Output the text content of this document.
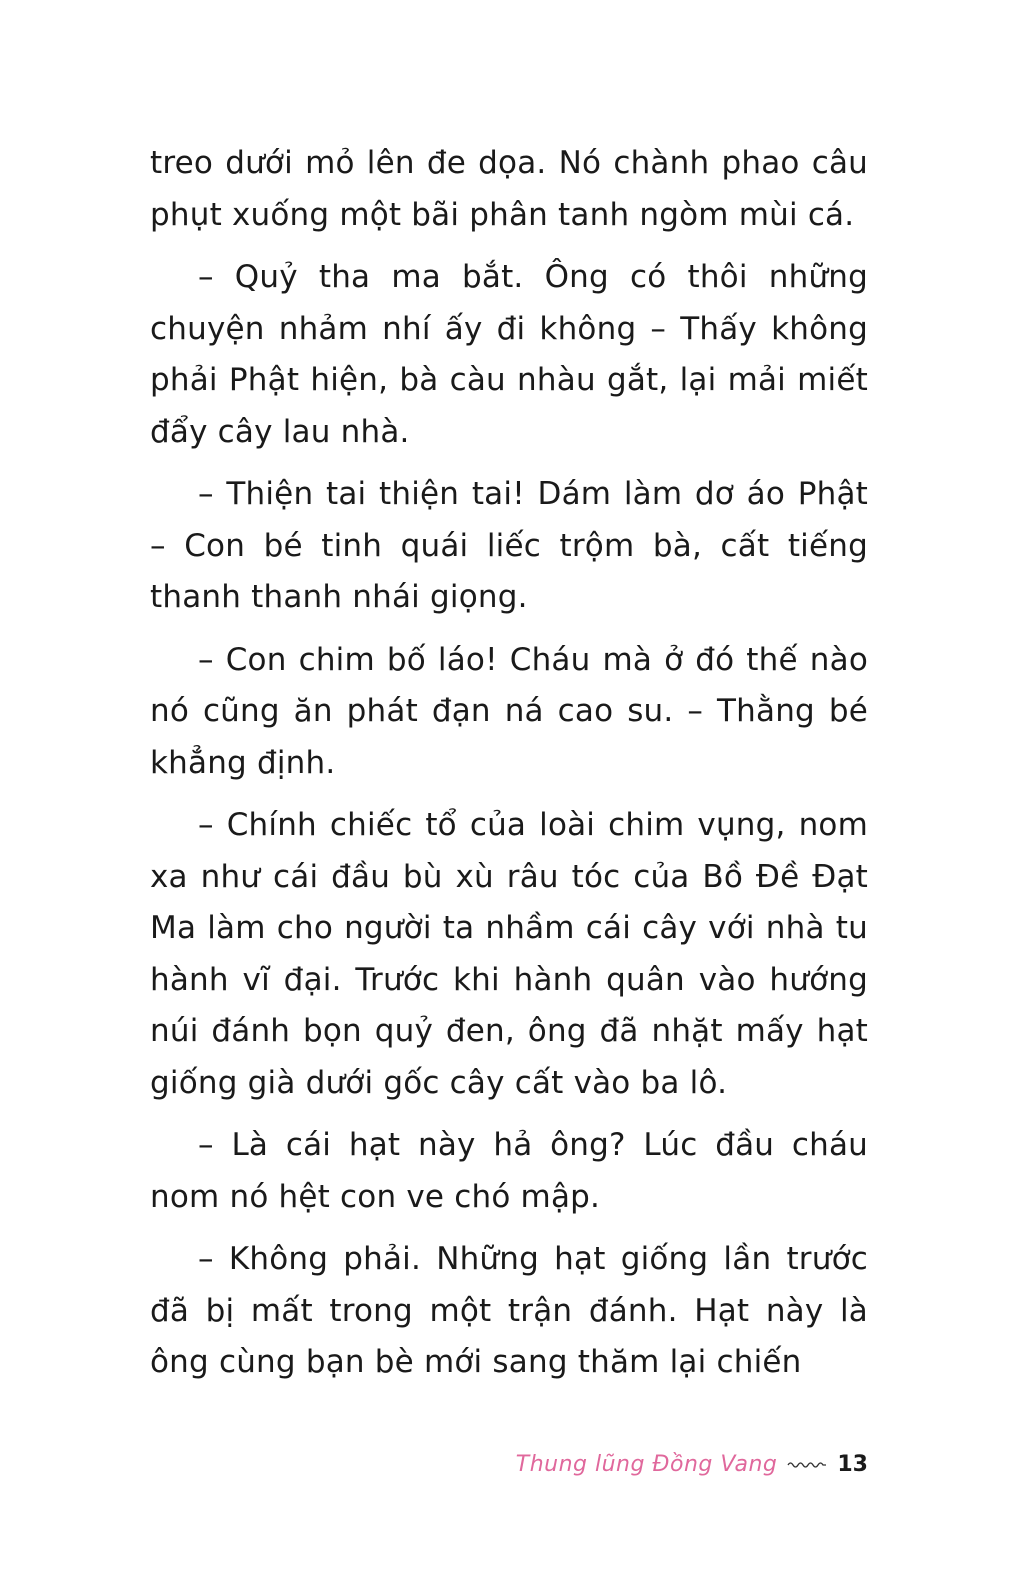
treo dưới mỏ lên đe dọa. Nó chành phao câu phụt xuống một bãi phân tanh ngòm mùi cá.

– Quỷ tha ma bắt. Ông có thôi những chuyện nhảm nhí ấy đi không – Thấy không phải Phật hiện, bà càu nhàu gắt, lại mải miết đẩy cây lau nhà.

– Thiện tai thiện tai! Dám làm dơ áo Phật – Con bé tinh quái liếc trộm bà, cất tiếng thanh thanh nhái giọng.

– Con chim bố láo! Cháu mà ở đó thế nào nó cũng ăn phát đạn ná cao su. – Thằng bé khẳng định.

– Chính chiếc tổ của loài chim vụng, nom xa như cái đầu bù xù râu tóc của Bồ Đề Đạt Ma làm cho người ta nhầm cái cây với nhà tu hành vĩ đại. Trước khi hành quân vào hướng núi đánh bọn quỷ đen, ông đã nhặt mấy hạt giống già dưới gốc cây cất vào ba lô.

– Là cái hạt này hả ông? Lúc đầu cháu nom nó hệt con ve chó mập.

– Không phải. Những hạt giống lần trước đã bị mất trong một trận đánh. Hạt này là ông cùng bạn bè mới sang thăm lại chiến

Thung lũng Đồng Vang	13
